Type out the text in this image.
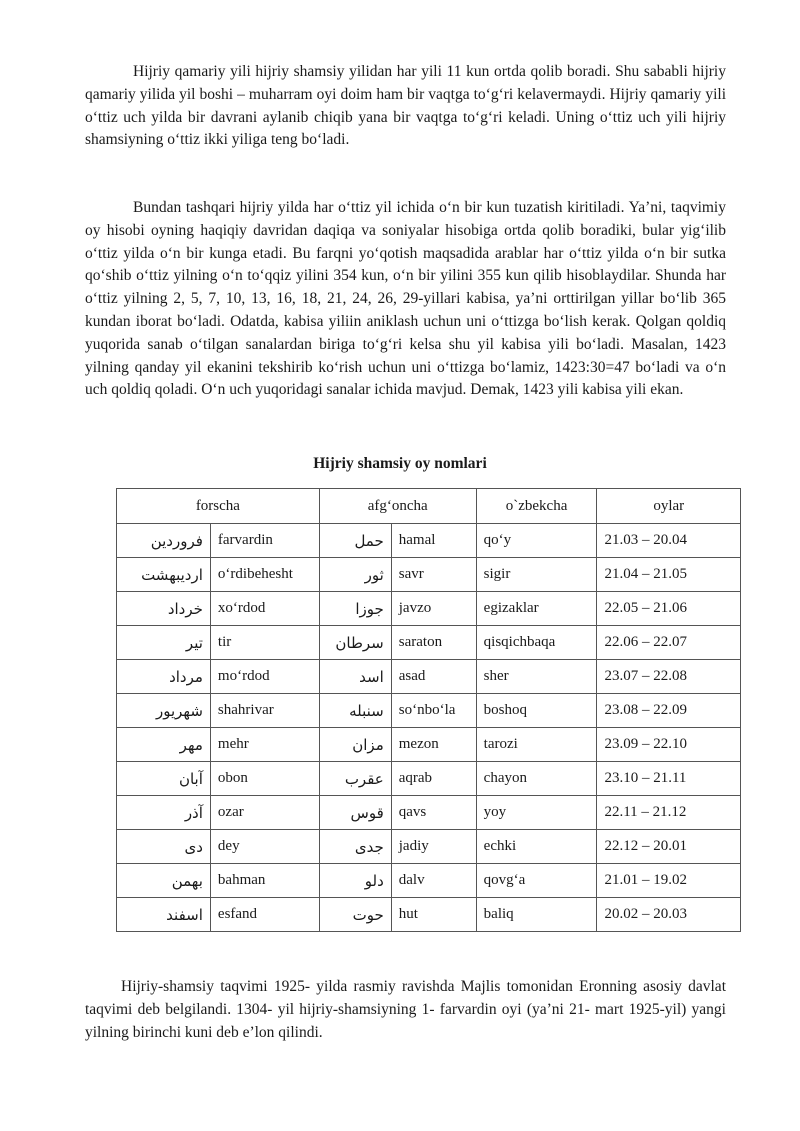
Hijriy qamariy yili hijriy shamsiy yilidan har yili 11 kun ortda qolib boradi. Shu sababli hijriy qamariy yilida yil boshi – muharram oyi doim ham bir vaqtga to‘g‘ri kelavermaydi. Hijriy qamariy yili o‘ttiz uch yilda bir davrani aylanib chiqib yana bir vaqtga to‘g‘ri keladi. Uning o‘ttiz uch yili hijriy shamsiyning o‘ttiz ikki yiliga teng bo‘ladi.

Bundan tashqari hijriy yilda har o‘ttiz yil ichida o‘n bir kun tuzatish kiritiladi. Ya’ni, taqvimiy oy hisobi oyning haqiqiy davridan daqiqa va soniyalar hisobiga ortda qolib boradiki, bular yig‘ilib o‘ttiz yilda o‘n bir kunga etadi. Bu farqni yo‘qotish maqsadida arablar har o‘ttiz yilda o‘n bir sutka qo‘shib o‘ttiz yilning o‘n to‘qqiz yilini 354 kun, o‘n bir yilini 355 kun qilib hisoblaydilar. Shunda har o‘ttiz yilning 2, 5, 7, 10, 13, 16, 18, 21, 24, 26, 29-yillari kabisa, ya’ni orttirilgan yillar bo‘lib 365 kundan iborat bo‘ladi. Odatda, kabisa yiliin aniklash uchun uni o‘ttizga bo‘lish kerak. Qolgan qoldiq yuqorida sanab o‘tilgan sanalardan biriga to‘g‘ri kelsa shu yil kabisa yili bo‘ladi. Masalan, 1423 yilning qanday yil ekanini tekshirib ko‘rish uchun uni o‘ttizga bo‘lamiz, 1423:30=47 bo‘ladi va o‘n uch qoldiq qoladi. O‘n uch yuqoridagi sanalar ichida mavjud. Demak, 1423 yili kabisa yili ekan.

Hijriy shamsiy oy nomlari
forscha		afg‘oncha		o`zbekcha	oylar

فروردین	farvardin	حمل	hamal	qo‘y	21.03 – 20.04

اردیبهشت	o‘rdibehesht	ثور	savr	sigir	21.04 – 21.05

خرداد	xo‘rdod	جوزا	javzo	egizaklar	22.05 – 21.06

تیر	tir	سرطان	saraton	qisqichbaqa	22.06 – 22.07

مرداد	mo‘rdod	اسد	asad	sher	23.07 – 22.08

شهریور	shahrivar	سنبله	so‘nbo‘la	boshoq	23.08 – 22.09

مهر	mehr	مزان	mezon	tarozi	23.09 – 22.10

آبان	obon	عقرب	aqrab	chayon	23.10 – 21.11

آذر	ozar	قوس	qavs	yoy	22.11 – 21.12

دی	dey	جدی	jadiy	echki	22.12 – 20.01

بهمن	bahman	دلو	dalv	qovg‘a	21.01 – 19.02

اسفند	esfand	حوت	hut	baliq	20.02 – 20.03

Hijriy-shamsiy taqvimi 1925- yilda rasmiy ravishda Majlis tomonidan Eronning asosiy davlat taqvimi deb belgilandi. 1304- yil hijriy-shamsiyning 1- farvardin oyi (ya’ni 21- mart 1925-yil) yangi yilning birinchi kuni deb e’lon qilindi.
